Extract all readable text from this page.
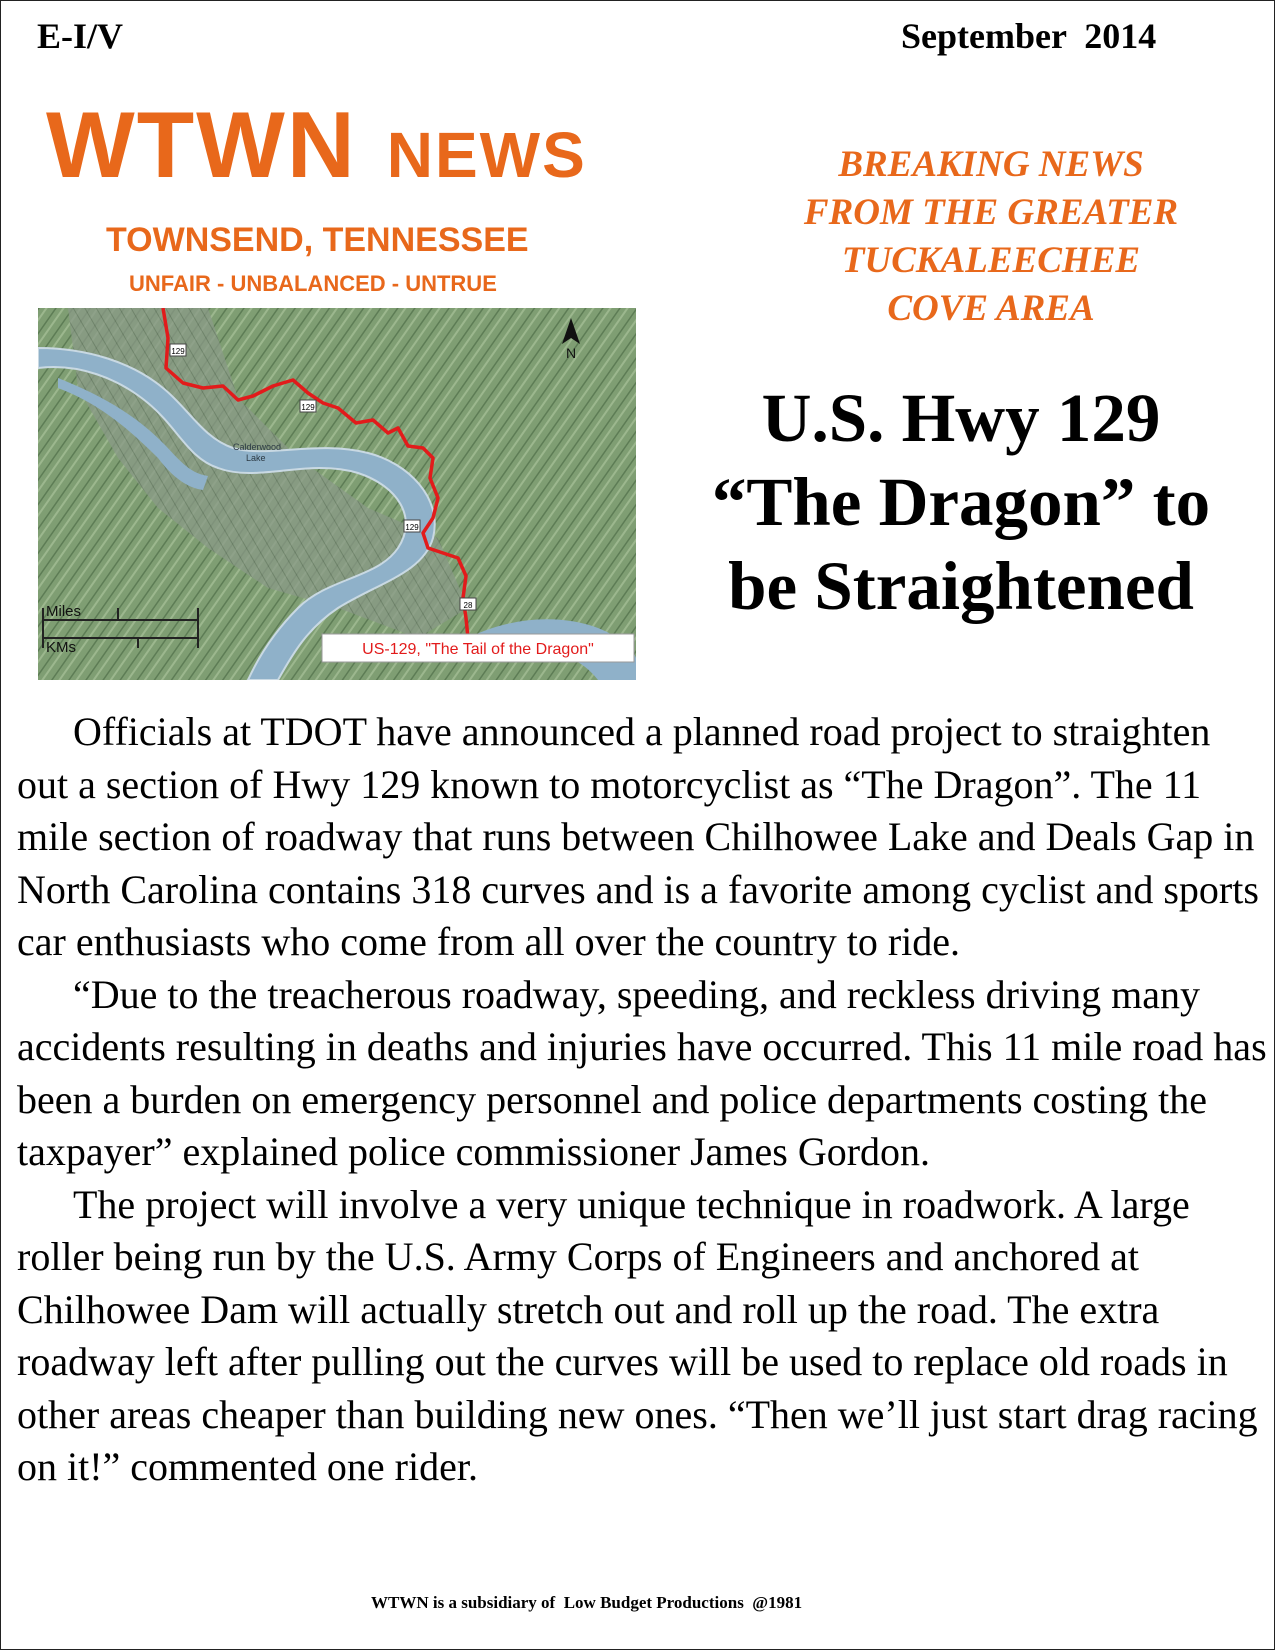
E-I/V	September  2014
WTWN NEWS
TOWNSEND, TENNESSEE
UNFAIR - UNBALANCED - UNTRUE
BREAKING NEWS
FROM THE GREATER
TUCKALEECHEE
COVE AREA
129
129
129
28
Calderwood
Lake
N
Miles
KMs	US-129, "The Tail of the Dragon"
U.S. Hwy 129
“The Dragon” to
be Straightened

Officials at TDOT have announced a planned road project to straighten out a section of Hwy 129 known to motorcyclist as “The Dragon”. The 11 mile section of roadway that runs between Chilhowee Lake and Deals Gap in North Carolina contains 318 curves and is a favorite among cyclist and sports car enthusiasts who come from all over the country to ride.

“Due to the treacherous roadway, speeding, and reckless driving many accidents resulting in deaths and injuries have occurred. This 11 mile road has been a burden on emergency personnel and police departments costing the taxpayer” explained police commissioner James Gordon.

The project will involve a very unique technique in roadwork. A large roller being run by the U.S. Army Corps of Engineers and anchored at Chilhowee Dam will actually stretch out and roll up the road. The extra roadway left after pulling out the curves will be used to replace old roads in other areas cheaper than building new ones. “Then we’ll just start drag racing on it!” commented one rider.

WTWN is a subsidiary of  Low Budget Productions  @1981
